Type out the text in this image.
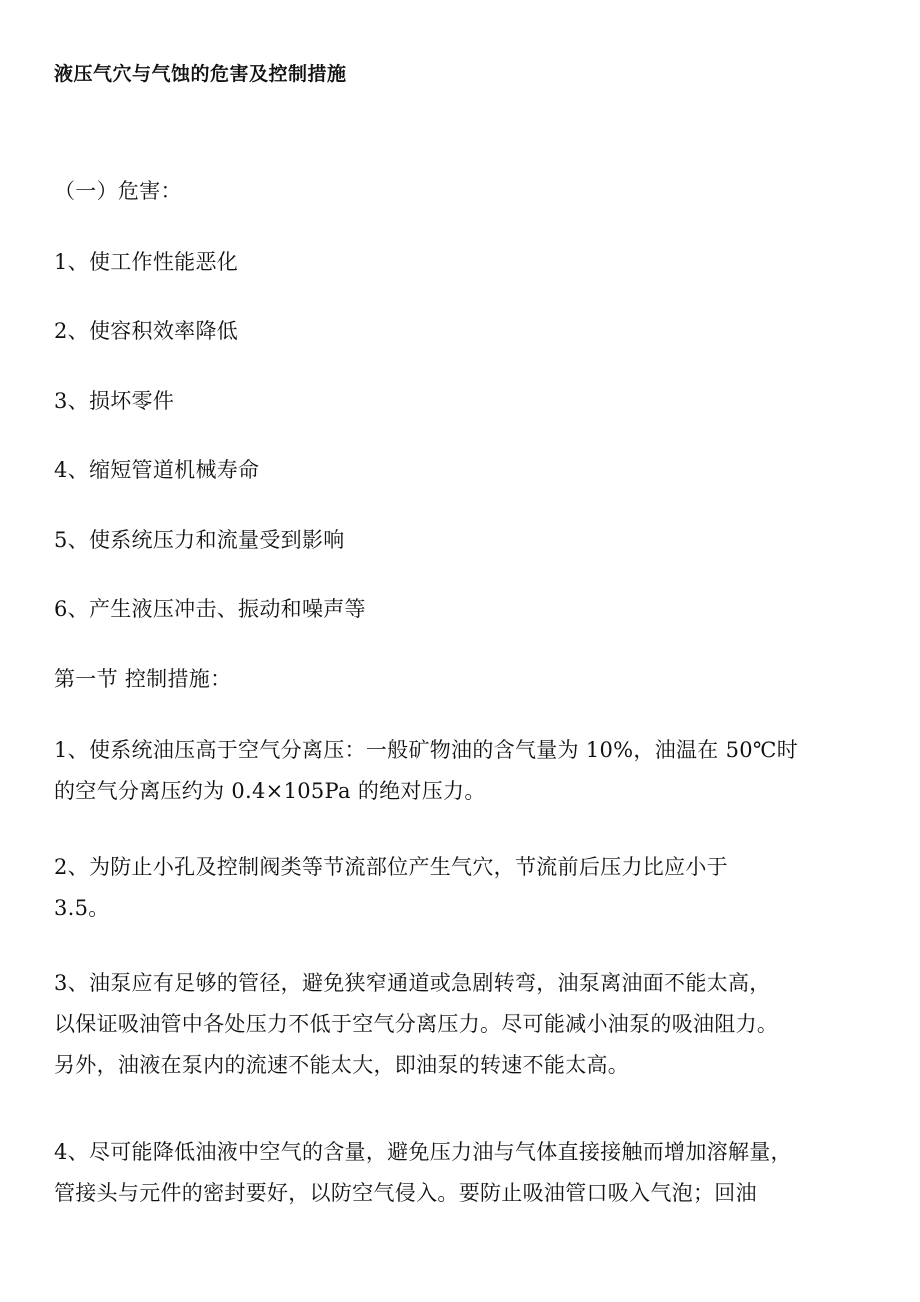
液压气穴与气蚀的危害及控制措施
（一）危害：
1、使工作性能恶化
2、使容积效率降低
3、损坏零件
4、缩短管道机械寿命
5、使系统压力和流量受到影响
6、产生液压冲击、振动和噪声等
第一节 控制措施：
1、使系统油压高于空气分离压：一般矿物油的含气量为 10%，油温在 50℃时
的空气分离压约为 0.4×105Pa 的绝对压力。
2、为防止小孔及控制阀类等节流部位产生气穴，节流前后压力比应小于
3.5。
3、油泵应有足够的管径，避免狭窄通道或急剧转弯，油泵离油面不能太高，
以保证吸油管中各处压力不低于空气分离压力。尽可能减小油泵的吸油阻力。
另外，油液在泵内的流速不能太大，即油泵的转速不能太高。
4、尽可能降低油液中空气的含量，避免压力油与气体直接接触而增加溶解量，
管接头与元件的密封要好，以防空气侵入。要防止吸油管口吸入气泡；回油
